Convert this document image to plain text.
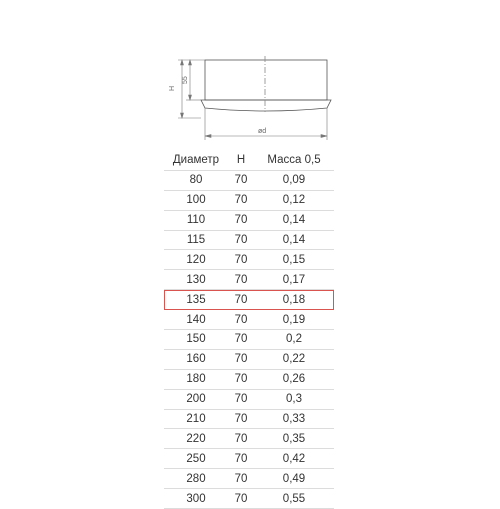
H
55
ød
Диаметр	H	Масса 0,5
80	70	0,09
100	70	0,12
110	70	0,14
115	70	0,14
120	70	0,15
130	70	0,17
135	70	0,18
140	70	0,19
150	70	0,2
160	70	0,22
180	70	0,26
200	70	0,3
210	70	0,33
220	70	0,35
250	70	0,42
280	70	0,49
300	70	0,55
